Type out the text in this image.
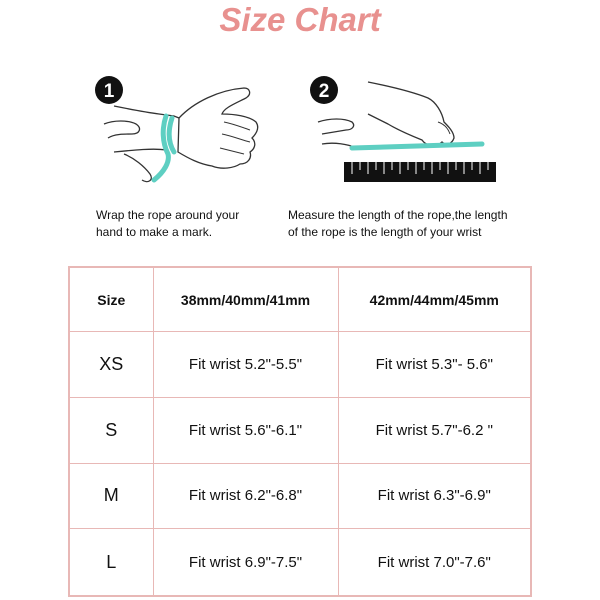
Size Chart
1	2
Wrap the rope around your
hand to make a mark.
Measure the length of the rope,the length
of the rope is the length of your wrist
Size	38mm/40mm/41mm	42mm/44mm/45mm
XS	Fit wrist 5.2"-5.5"	Fit wrist 5.3"- 5.6"
S	Fit wrist 5.6"-6.1"	Fit wrist 5.7"-6.2 "
M	Fit wrist 6.2"-6.8"	Fit wrist 6.3"-6.9"
L	Fit wrist 6.9"-7.5"	Fit wrist 7.0"-7.6"
